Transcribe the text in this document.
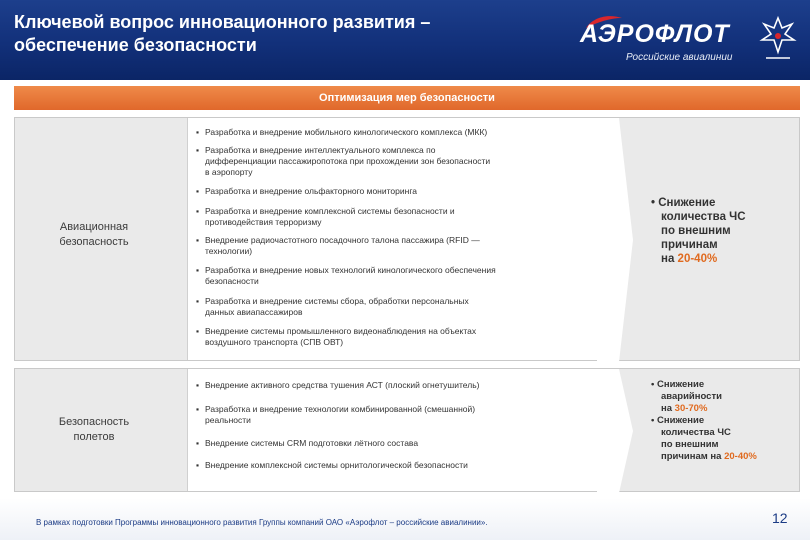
Ключевой вопрос инновационного развития –
обеспечение безопасности	АЭРОФЛОТ
Российские авиалинии
Оптимизация мер безопасности
Авиационная
безопасность
▪ Разработка и внедрение мобильного кинологического комплекса (МКК)
▪ Разработка и внедрение интеллектуального комплекса по
дифференциации пассажиропотока при прохождении зон безопасности
в аэропорту
▪ Разработка и внедрение ольфакторного мониторинга
▪ Разработка и внедрение комплексной системы безопасности и
противодействия терроризму
▪ Внедрение радиочастотного посадочного талона пассажира (RFID —
технологии)
▪ Разработка и внедрение новых технологий кинологического обеспечения
безопасности
▪ Разработка и внедрение системы сбора, обработки персональных
данных авиапассажиров
▪ Внедрение системы промышленного видеонаблюдения на объектах
воздушного транспорта (СПВ ОВТ)
• Снижение
количества ЧС
по внешним
причинам
на 20-40%
Безопасность
полетов
▪ Внедрение активного средства тушения АСТ (плоский огнетушитель)
▪ Разработка и внедрение технологии комбинированной (смешанной)
реальности
▪ Внедрение системы CRM подготовки лётного состава
▪ Внедрение комплексной системы орнитологической безопасности
• Снижение
аварийности
на 30-70%
• Снижение
количества ЧС
по внешним
причинам на 20-40%
В рамках подготовки Программы инновационного развития Группы компаний ОАО «Аэрофлот – российские авиалинии».	12
